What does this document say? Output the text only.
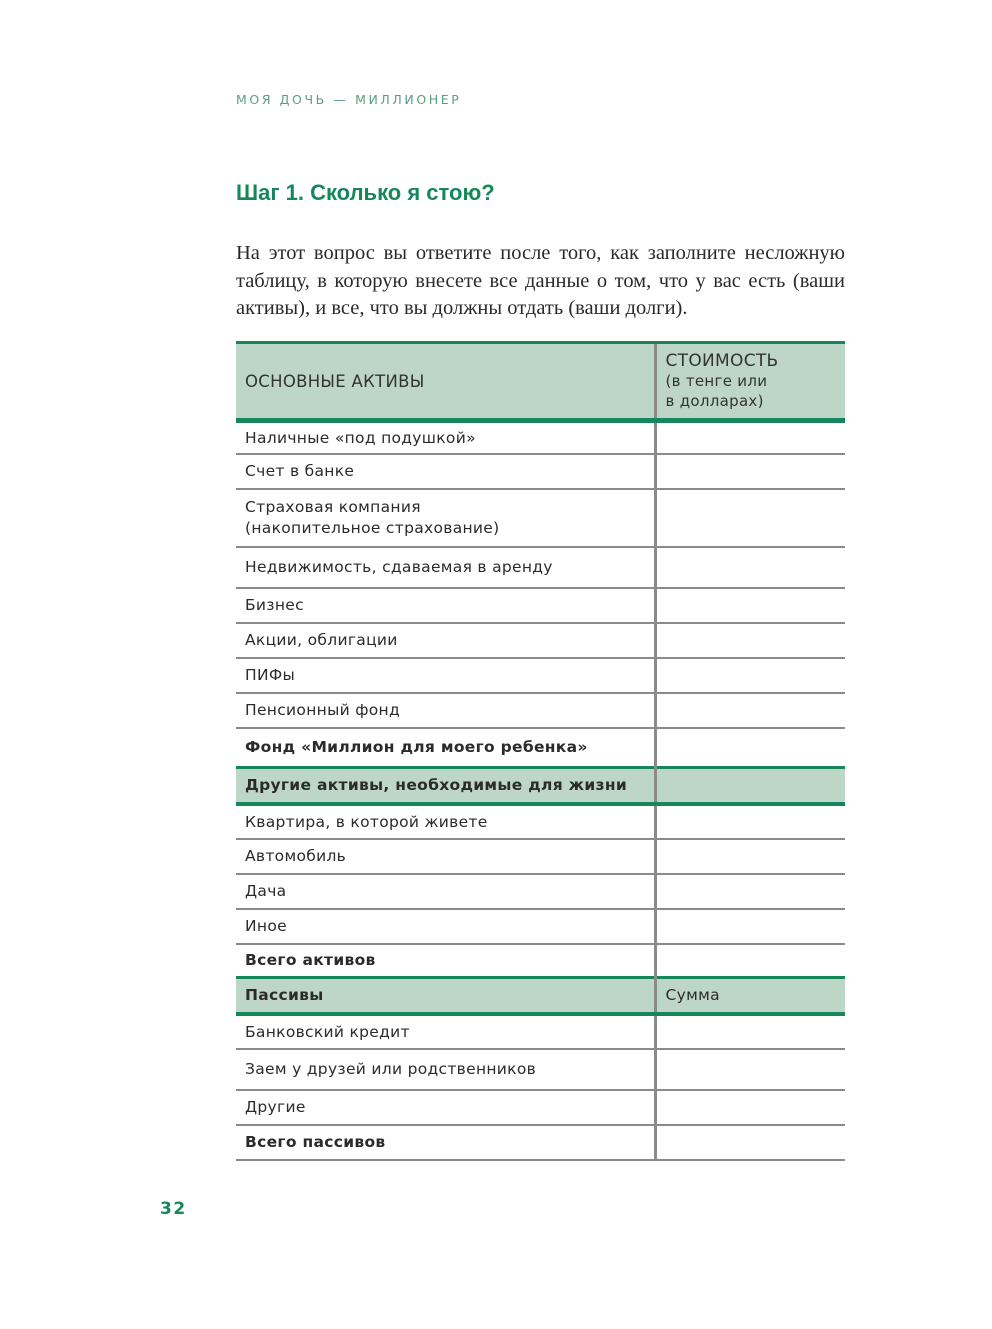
МОЯ ДОЧЬ — МИЛЛИОНЕР
Шаг 1. Сколько я стою?
На этот вопрос вы ответите после того, как заполните несложную таблицу, в которую внесете все данные о том, что у вас есть (ваши активы), и все, что вы должны отдать (ваши долги).
ОСНОВНЫЕ АКТИВЫ	СТОИМОСТЬ
(в тенге или
в долларах)

Наличные «под подушкой»	
Счет в банке	

Страховая компания
(накопительное страхование)	

Недвижимость, сдаваемая в аренду	
Бизнес	
Акции, облигации	
ПИФы	
Пенсионный фонд	
Фонд «Миллион для моего ребенка»	
Другие активы, необходимые для жизни	
Квартира, в которой живете	
Автомобиль	
Дача	
Иное	
Всего активов	
Пассивы	Сумма
Банковский кредит	
Заем у друзей или родственников	
Другие	
Всего пассивов	
32
